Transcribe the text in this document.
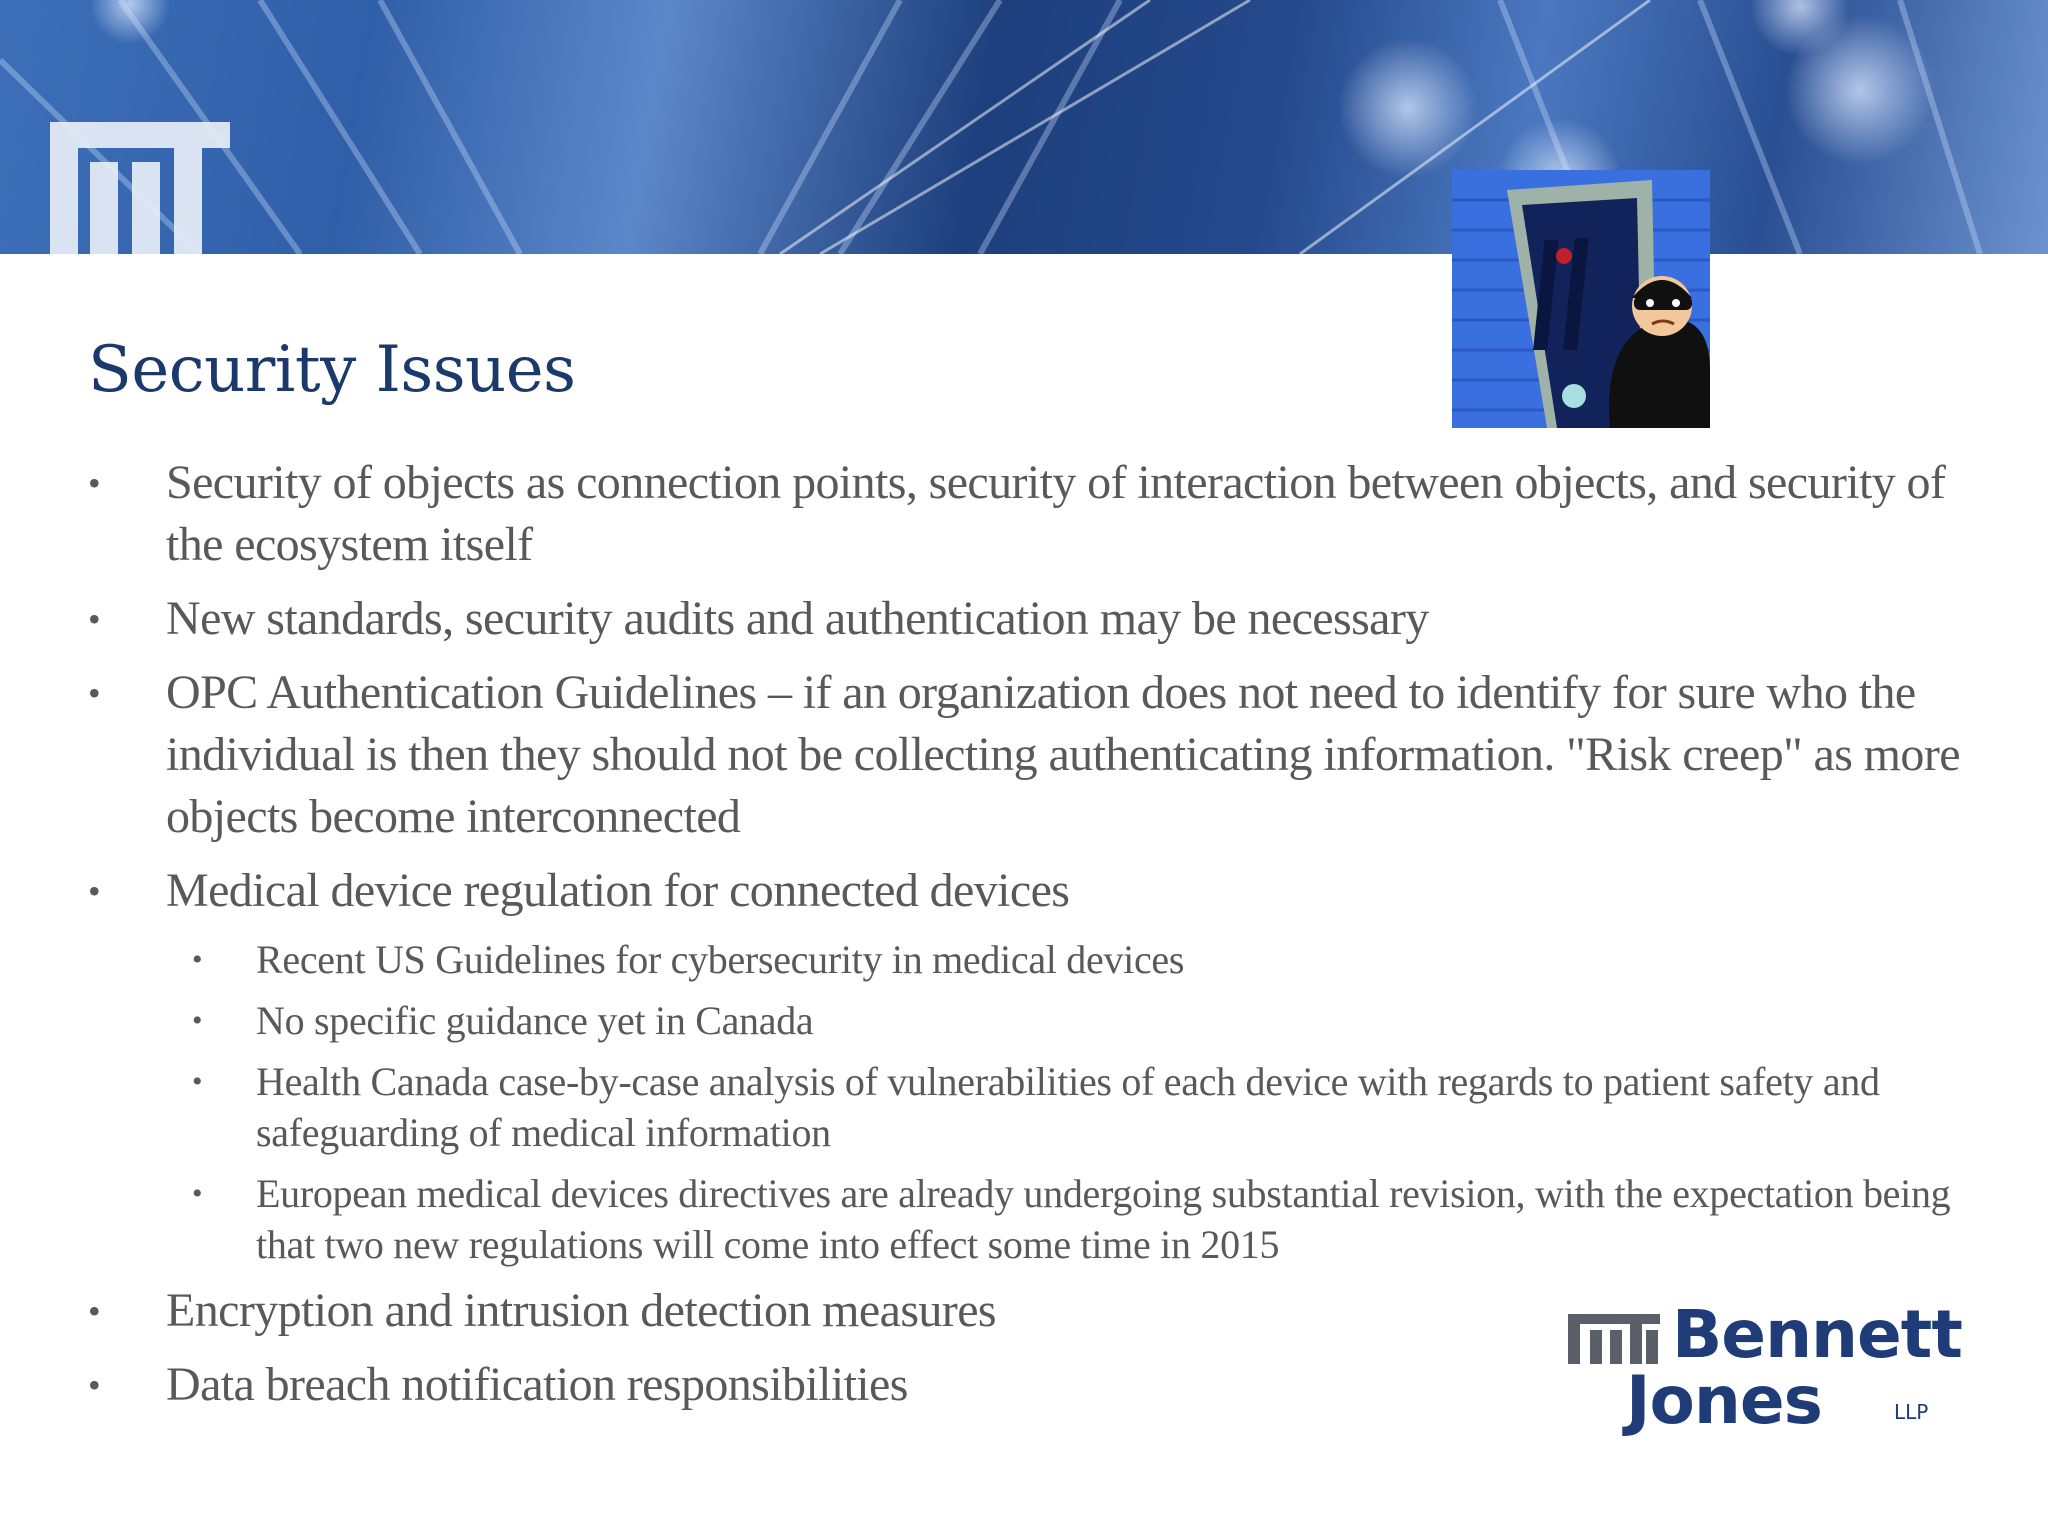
Security Issues
• Security of objects as connection points, security of interaction between objects, and security of the ecosystem itself
• New standards, security audits and authentication may be necessary
• OPC Authentication Guidelines – if an organization does not need to identify for sure who the individual is then they should not be collecting authenticating information. "Risk creep" as more objects become interconnected
• Medical device regulation for connected devices
• Recent US Guidelines for cybersecurity in medical devices
• No specific guidance yet in Canada
• Health Canada case-by-case analysis of vulnerabilities of each device with regards to patient safety and safeguarding of medical information
• European medical devices directives are already undergoing substantial revision, with the expectation being that two new regulations will come into effect some time in 2015
• Encryption and intrusion detection measures
• Data breach notification responsibilities
Bennett
Jones	LLP
